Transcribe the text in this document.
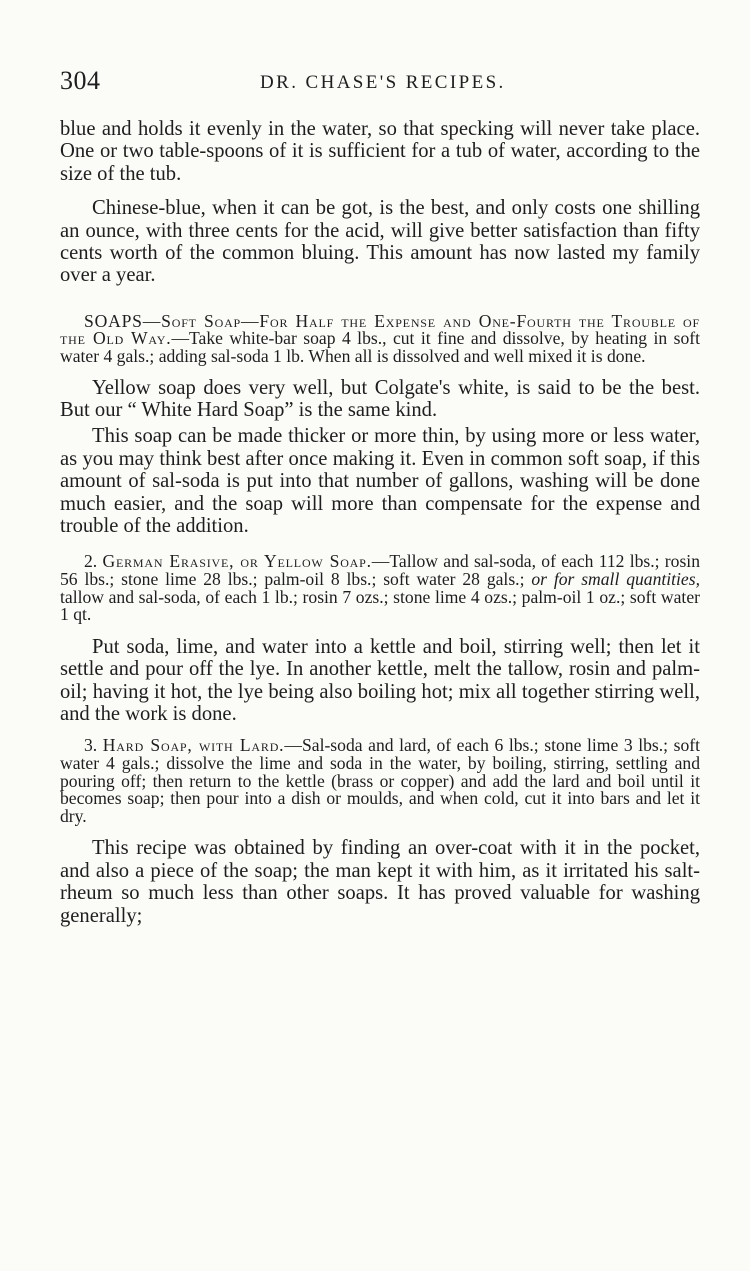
304	DR. CHASE'S RECIPES.

blue and holds it evenly in the water, so that specking will never take place. One or two table-spoons of it is sufficient for a tub of water, according to the size of the tub.

Chinese-blue, when it can be got, is the best, and only costs one shilling an ounce, with three cents for the acid, will give better satisfaction than fifty cents worth of the common bluing. This amount has now lasted my family over a year.

SOAPS—Soft Soap—For Half the Expense and One-Fourth the Trouble of the Old Way.—Take white-bar soap 4 lbs., cut it fine and dissolve, by heating in soft water 4 gals.; adding sal-soda 1 lb. When all is dissolved and well mixed it is done.

Yellow soap does very well, but Colgate's white, is said to be the best. But our “ White Hard Soap” is the same kind.

This soap can be made thicker or more thin, by using more or less water, as you may think best after once making it. Even in common soft soap, if this amount of sal-soda is put into that number of gallons, washing will be done much easier, and the soap will more than compensate for the expense and trouble of the addition.

2. German Erasive, or Yellow Soap.—Tallow and sal-soda, of each 112 lbs.; rosin 56 lbs.; stone lime 28 lbs.; palm-oil 8 lbs.; soft water 28 gals.; or for small quantities, tallow and sal-soda, of each 1 lb.; rosin 7 ozs.; stone lime 4 ozs.; palm-oil 1 oz.; soft water 1 qt.

Put soda, lime, and water into a kettle and boil, stirring well; then let it settle and pour off the lye. In another kettle, melt the tallow, rosin and palm-oil; having it hot, the lye being also boiling hot; mix all together stirring well, and the work is done.

3. Hard Soap, with Lard.—Sal-soda and lard, of each 6 lbs.; stone lime 3 lbs.; soft water 4 gals.; dissolve the lime and soda in the water, by boiling, stirring, settling and pouring off; then return to the kettle (brass or copper) and add the lard and boil until it becomes soap; then pour into a dish or moulds, and when cold, cut it into bars and let it dry.

This recipe was obtained by finding an over-coat with it in the pocket, and also a piece of the soap; the man kept it with him, as it irritated his salt-rheum so much less than other soaps. It has proved valuable for washing generally;
